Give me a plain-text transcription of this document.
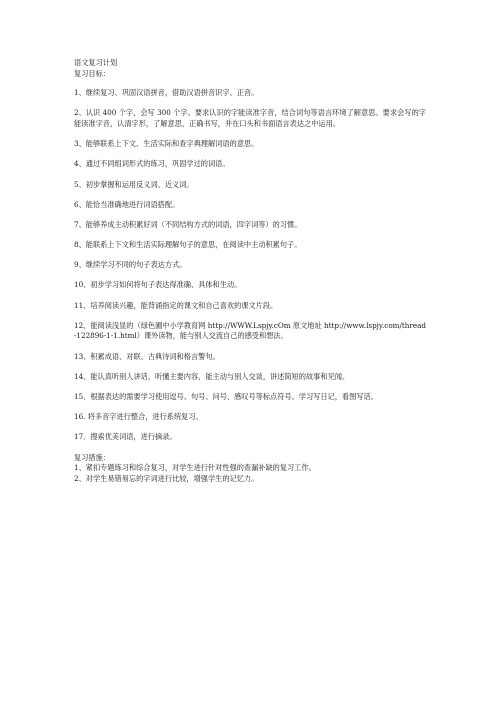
语文复习计划

复习目标：

1、继续复习、巩固汉语拼音，借助汉语拼音识字、正音。

2、认识 400 个字，会写 300 个字。要求认识的字能读准字音，结合词句等语言环境了解意思。要求会写的字能读准字音，认清字形，了解意思，正确书写，并在口头和书面语言表达之中运用。

3、能够联系上下文、生活实际和查字典理解词语的意思。

4、通过不同组词形式的练习，巩固学过的词语。

5、初步掌握和运用反义词、近义词。

6、能恰当准确地进行词语搭配。

7、能够养成主动积累好词（不同结构方式的词语，四字词等）的习惯。

8、能联系上下文和生活实际理解句子的意思，在阅读中主动积累句子。

9、继续学习不同的句子表达方式。

10、初步学习如何将句子表达得准确、具体和生动。

11、培养阅读兴趣，能背诵指定的课文和自己喜欢的课文片段。

12、能阅读浅显的（绿色圃中小学教育网 http://WWW.Lspjy.cOm 原文地址 http://www.lspjy.com/thread-122896-1-1.html）课外读物，能与别人交流自己的感受和想法。

13、积累成语、对联、古典诗词和格言警句。

14、能认真听别人讲话，听懂主要内容，能主动与别人交谈，讲述简短的故事和见闻。

15、根据表达的需要学习使用逗号、句号、问号、感叹号等标点符号。学习写日记，看图写话。

16. 将多音字进行整合，进行系统复习。

17．搜索优美词语，进行摘录。

复习措施：

1、紧扣专题练习和综合复习，对学生进行针对性强的查漏补缺的复习工作。

2、对学生易错易忘的字词进行比较，增强学生的记忆力。
